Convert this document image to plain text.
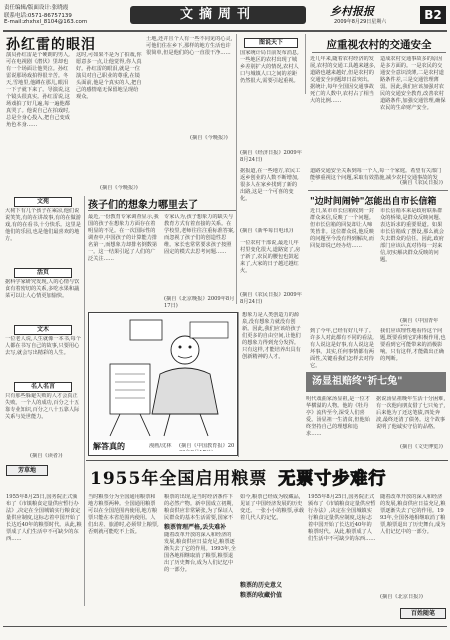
责任编辑/版面设计:张晓霞
联系电话:0571-86757139
E-mail:zhxhxl_8104@163.com	文摘周刊	乡村报报
2009年8月29日星期六	B2
孙红雷的眼泪
演员孙红雷是个硬朗的男人,可在电视剧《潜伏》里却也有一个场面让他哭泣。孙红雷说那场戏拍得很辛苦。冬天,雪地里,他蹲在那儿,眼泪一下子就下来了。导演说,这个镜头很真实。孙红雷说,这场戏拍了好几遍,每一遍他都真哭了。他说自己在拍戏时,总是全身心投入,把自己变成角色本身……
这时,可如果不是为了拍戏,你愿意多一点,让他觉得,你人真好。孙红雷的眼泪,就是一位演员对自己职业的尊重,在镜头面前,他是个真实的人,把自己的感情毫无保留地呈现给观众。
(摘自《今晚报》)
土地,还并且个人有一些不同见的心灵,可他们住在乡下,那样的地方生活也许很简单,但是他们的心一直很干净……
(摘自《今晚报》)
图说天下
国家统计局日前发布消息,一些地区的农村出现了城乡差别扩大的情况,农村人口与城镇人口之间的差距仍然很大,需要引起重视。
(摘自《经济日报》2009年8月24日)
据报道,在一些地方,农民工返乡创业的人数不断增加,很多人在家乡找到了新的出路,这是一个可喜的变化。
(摘自《新华每日电讯》)
一位农村干部说,最近几年村里变化很大,道路宽了,房子新了,农民的腰包也鼓起来了,大家的日子越过越红火。
(摘自《农民日报》2009年8月24日)
应重视农村的交通安全
近几年来,随着农村经济的发展,农村的交通工具越来越多,道路也越来越好,但是农村的交通安全问题却日益突出。据统计,每年全国因交通事故死亡的人数中,农村占了相当大的比例……
造成农村交通事故多的原因是多方面的。一是农民的交通安全意识淡薄,二是农村道路条件差,三是交通管理薄弱。因此,我们应该加强对农民的交通安全教育,改善农村道路条件,加强交通管理,确保农民的生命财产安全。
道路交通安全关系到每一个人,每一个家庭。希望有关部门能够重视这个问题,采取有效措施,减少农村交通事故的发
(摘自《农民日报》)
"边时间闹钟"怎能出自市长信箱
近日,某市市长信箱收到一封群众来信,反映了一个问题。但市长信箱的回复却让人啼笑皆非。这位群众说,他反映的问题至今没有得到解决,而回复却说已经办结……
市长信箱本来是政府联系群众的桥梁,是群众反映问题、表达诉求的重要渠道。如果市长信箱成了摆设,那么就会失去群众的信任。因此,政府部门应该认真对待每一封来信,切实解决群众反映的问题。
(摘自《中国青年
孩子们的想象力哪里去了
最近,一份教育专家调查显示,我国的孩子在想象力方面存在着明显的不足。在一次国际性的调查中,中国孩子的计算能力排名第一,而想象力却排名倒数第一。这一结果引起了人们的广泛关注……
专家认为,孩子想象力的缺失与教育方式有着直接的关系。在学校里,老师往往注重标准答案,而忽视了孩子们的创造性思维。家长也常常要求孩子按照固定的模式去思考问题……
(摘自《北京晚报》2009年8月17日)
文苑
大树下有几个孩子在乘凉,他们说说笑笑,有的在讲故事,有的在做游戏,有的在看书,十分快乐。这里是他们的乐园,也是他们最喜欢的地方。
活页
据科学家研究发现,人的心情与饮食有着密切的关系,多吃水果和蔬菜可以让人心情更加愉快。
文木
一位老人说,人生就像一本书,每个人都在书写自己的故事,只要用心去写,就会写出精彩的人生。
名人名言
只有那些躲避失败的人才会真正失败。一个人的成功,百分之十五靠专业知识,百分之八十五靠人际关系与处世能力。
(摘自《读者》)
芳草地
解答真的	漫画/沈林	(摘自《中国教育报》20
想象力是人类创造力的源泉,没有想象力就没有创新。因此,我们应该给孩子们更多的自由空间,让他们的想象力得到充分发挥。只有这样,才能培养出具有创新精神的人才。
到了今年,已经有好几年了。许多人对此都有不同的看法,有人说这是好事,有人说这是坏事。其实,任何事情都有两面性,关键看我们怎样去对待它。
我们应该理性地看待这个问题,既要看到它的积极作用,也要看到它可能带来的消极影响。只有这样,才能做出正确的判断。
汤显祖赔终"祈七兔"
明代戏曲家汤显祖,是一位才华横溢的人物。他的《牡丹亭》流传至今,深受人们喜爱。汤显祖一生清贫,但他始终坚持自己的理想和追求……
据说汤显祖晚年生活十分困难,有一次他向朋友借了七只兔子,后来他为了还这笔债,四处奔波,最终还清了债务。这个故事说明了他诚实守信的品格。
(摘自《文史博览》)
1955年全国启用粮票 无票寸步难行
1955年8月25日,国务院正式颁布了《市镇粮食定量供应暂行办法》,决定在全国城镇实行粮食定量供应制度,这标志着中国开始了长达近40年的粮票时代。从此,粮票成了人们生活中不可缺少的东西……
当时粮票分为全国通用粮票和地方粮票两种。全国通用粮票可以在全国范围内使用,地方粮票只能在本省范围内使用。人们出差、旅游时,必须带上粮票,否则就可能吃不上饭。
粮票管理严格,丢失难补
粮票的出现,是当时经济条件下的必然产物。新中国成立初期,粮食供应非常紧张,为了保证人民群众的基本生活需要,国家不
随着改革开放的深入和经济的发展,粮食供应日益充足,粮票逐渐失去了它的作用。1993年,全国各地相继取消了粮票,粮票退出了历史舞台,成为人们记忆中的一部分。
粮票的历史意义
如今,粮票已经成为收藏品,见证了中国经济发展的历史变迁。一张小小的粮票,承载着几代人的记忆。
1955年8月25日,国务院正式颁布了《市镇粮食定量供应暂行办法》,决定在全国城镇实行粮食定量供应制度,这标志着中国开始了长达近40年的粮票时代。从此,粮票成了人们生活中不可缺少的东西……
随着改革开放的深入和经济的发展,粮食供应日益充足,粮票逐渐失去了它的作用。1993年,全国各地相继取消了粮票,粮票退出了历史舞台,成为人们记忆中的一部分。
粮票的收藏价值	(摘自《北京日报》)
百姓随笔
